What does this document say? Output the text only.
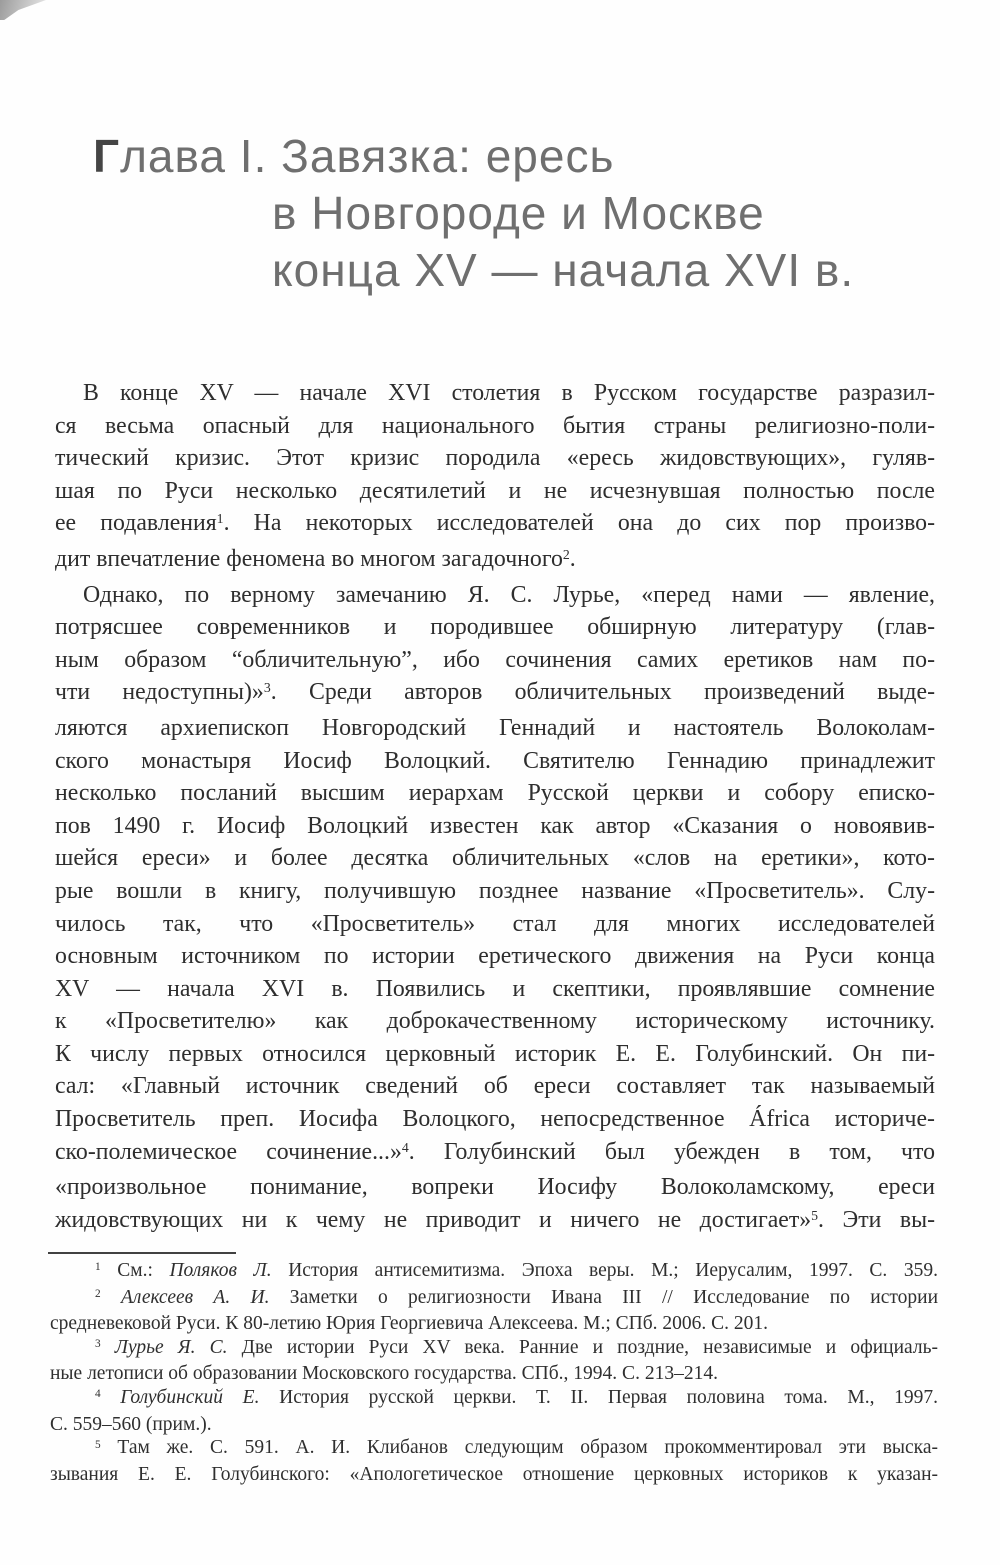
Глава I. Завязка: ересь
в Новгороде и Москве
конца XV — начала XVI в.
В конце XV — начале XVI столетия в Русском государстве разразил-
ся весьма опасный для национального бытия страны религиозно-поли-
тический кризис. Этот кризис породила «ересь жидовствующих», гуляв-
шая по Руси несколько десятилетий и не исчезнувшая полностью после
ее подавления$^1$. На некоторых исследователей она до сих пор произво-
дит впечатление феномена во многом загадочного$^2$.
Однако, по верному замечанию Я. С. Лурье, «перед нами — явление,
потрясшее современников и породившее обширную литературу (глав-
ным образом “обличительную”, ибо сочинения самих еретиков нам по-
чти недоступны)»$^3$. Среди авторов обличительных произведений выде-
ляются архиепископ Новгородский Геннадий и настоятель Волоколам-
ского монастыря Иосиф Волоцкий. Святителю Геннадию принадлежит
несколько посланий высшим иерархам Русской церкви и собору еписко-
пов 1490 г. Иосиф Волоцкий известен как автор «Сказания о новоявив-
шейся ереси» и более десятка обличительных «слов на еретики», кото-
рые вошли в книгу, получившую позднее название «Просветитель». Слу-
чилось так, что «Просветитель» стал для многих исследователей
основным источником по истории еретического движения на Руси конца
XV — начала XVI в. Появились и скептики, проявлявшие сомнение
к «Просветителю» как доброкачественному историческому источнику.
К числу первых относился церковный историк Е. Е. Голубинский. Он пи-
сал: «Главный источник сведений об ереси составляет так называемый
Просветитель преп. Иосифа Волоцкого, непосредственное África историче-
ско-полемическое сочинение...»$^4$. Голубинский был убежден в том, что
«произвольное понимание, вопреки Иосифу Волоколамскому, ереси
жидовствующих ни к чему не приводит и ничего не достигает»$^5$. Эти вы-
$^1$ См.: Поляков Л. История антисемитизма. Эпоха веры. М.; Иерусалим, 1997. С. 359.
$^2$ Алексеев А. И. Заметки о религиозности Ивана III // Исследование по истории
средневековой Руси. К 80-летию Юрия Георгиевича Алексеева. М.; СПб. 2006. С. 201.
$^3$ Лурье Я. С. Две истории Руси XV века. Ранние и поздние, независимые и официаль-
ные летописи об образовании Московского государства. СПб., 1994. С. 213–214.
$^4$ Голубинский Е. История русской церкви. Т. II. Первая половина тома. М., 1997.
С. 559–560 (прим.).
$^5$ Там же. С. 591. А. И. Клибанов следующим образом прокомментировал эти выска-
зывания Е. Е. Голубинского: «Апологетическое отношение церковных историков к указан-
